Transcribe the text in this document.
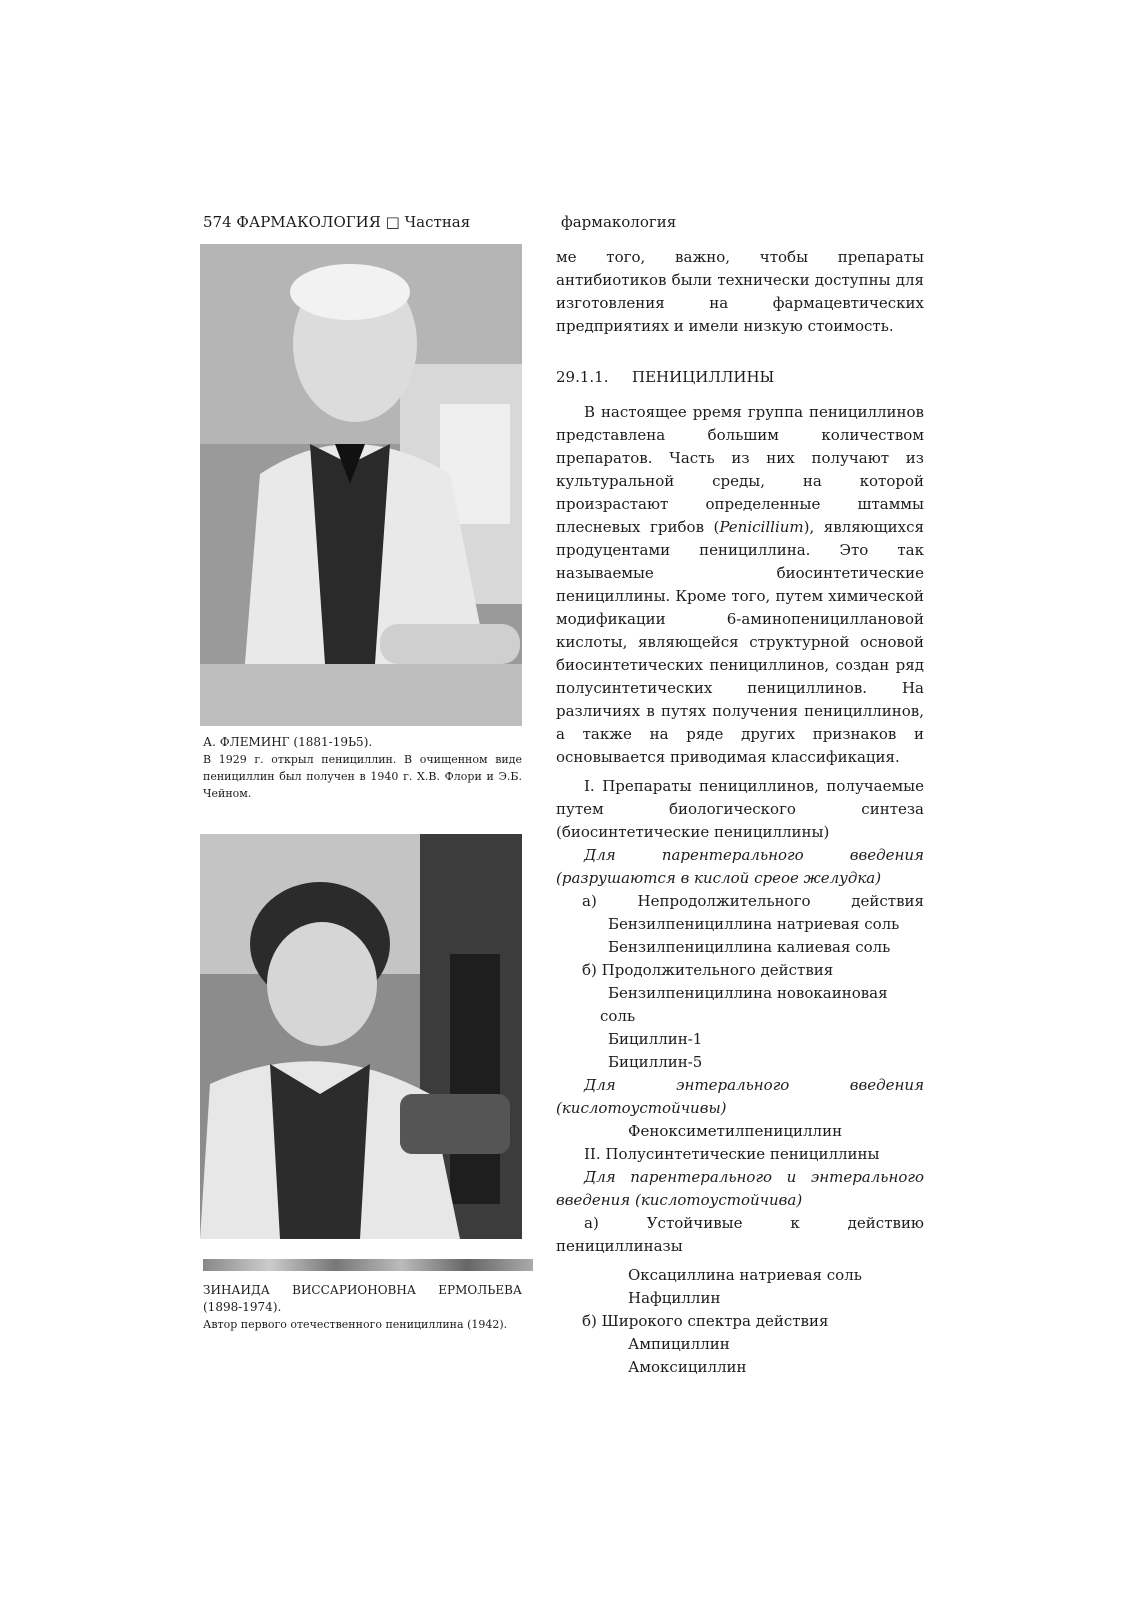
574 ФАРМАКОЛОГИЯ □ Частная	фармакология
А. ФЛЕМИНГ (1881-19Ь5).
В 1929 г. открыл пенициллин. В очищенном виде пенициллин был получен в 1940 г. Х.В. Флори и Э.Б. Чейном.
ЗИНАИДА ВИССАРИОНОВНА ЕРМОЛЬЕВА (1898-1974).
Автор первого отечественного пенициллина (1942).

ме того, важно, чтобы препараты антибиотиков были технически доступны для изготовления на фармацевтических предприятиях и имели низкую стоимость.

29.1.1. ПЕНИЦИЛЛИНЫ

В настоящее рремя группа пенициллинов представлена большим количеством препаратов. Часть из них получают из культуральной среды, на которой произрастают определенные штаммы плесневых грибов (Penicillium), являющихся продуцентами пенициллина. Это так называемые биосинтетические пенициллины. Кроме того, путем химической модификации 6-аминопенициллановой кислоты, являющейся структурной основой биосинтетических пенициллинов, создан ряд полусинтетических пенициллинов. На различиях в путях получения пенициллинов, а также на ряде других признаков и основывается приводимая классификация.

I. Препараты пенициллинов, получаемые путем биологического синтеза (биосинтетические пенициллины)

Для парентерального введения (разрушаются в кислой среое желудка)

а) Непродолжительного действия

Бензилпенициллина натриевая соль

Бензилпенициллина калиевая соль

б) Продолжительного действия

Бензилпенициллина новокаиновая

соль

Бициллин-1

Бициллин-5

Для энтерального введения (кислотоустойчивы)

Феноксиметилпенициллин

II. Полусинтетические пенициллины

Для парентерального и энтерального введения (кислотоустойчива)

а) Устойчивые к действию пенициллиназы

Оксациллина натриевая соль

Нафциллин

б) Широкого спектра действия

Ампициллин

Амоксициллин
